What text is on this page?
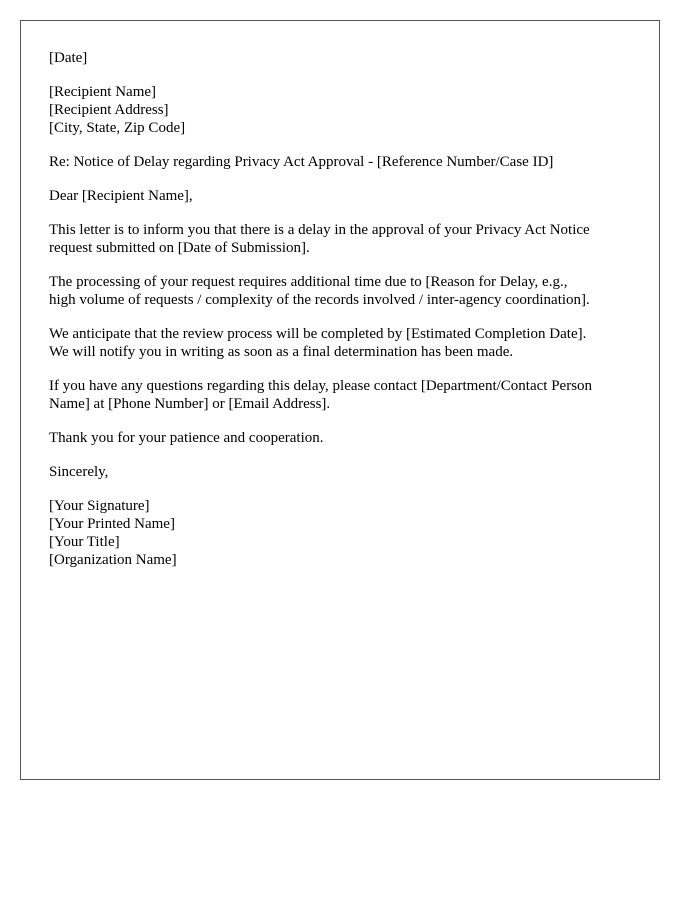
[Date]
[Recipient Name]
[Recipient Address]
[City, State, Zip Code]
Re: Notice of Delay regarding Privacy Act Approval - [Reference Number/Case ID]
Dear [Recipient Name],
This letter is to inform you that there is a delay in the approval of your Privacy Act Notice
request submitted on [Date of Submission].
The processing of your request requires additional time due to [Reason for Delay, e.g.,
high volume of requests / complexity of the records involved / inter-agency coordination].
We anticipate that the review process will be completed by [Estimated Completion Date].
We will notify you in writing as soon as a final determination has been made.
If you have any questions regarding this delay, please contact [Department/Contact Person
Name] at [Phone Number] or [Email Address].
Thank you for your patience and cooperation.
Sincerely,
[Your Signature]
[Your Printed Name]
[Your Title]
[Organization Name]
